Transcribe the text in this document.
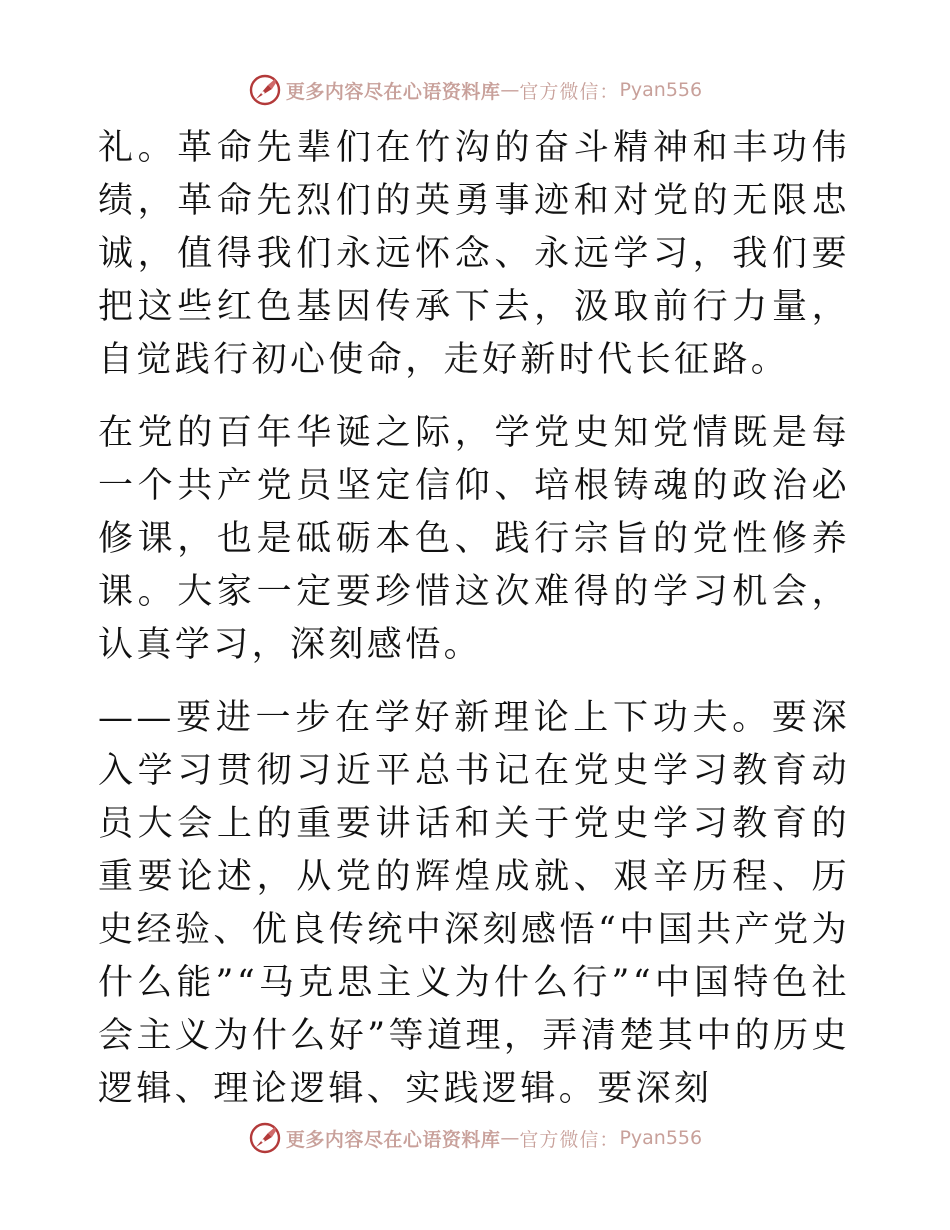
更多内容尽在心语资料库 — 官方微信： Pyan556

礼。革命先辈们在竹沟的奋斗精神和丰功伟绩，革命先烈们的英勇事迹和对党的无限忠诚，值得我们永远怀念、永远学习，我们要把这些红色基因传承下去，汲取前行力量，自觉践行初心使命，走好新时代长征路。

在党的百年华诞之际，学党史知党情既是每一个共产党员坚定信仰、培根铸魂的政治必修课，也是砥砺本色、践行宗旨的党性修养课。大家一定要珍惜这次难得的学习机会，认真学习，深刻感悟。

——要进一步在学好新理论上下功夫。要深入学习贯彻习近平总书记在党史学习教育动员大会上的重要讲话和关于党史学习教育的重要论述，从党的辉煌成就、艰辛历程、历史经验、优良传统中深刻感悟“中国共产党为什么能”“马克思主义为什么行”“中国特色社会主义为什么好”等道理，弄清楚其中的历史逻辑、理论逻辑、实践逻辑。要深刻

更多内容尽在心语资料库 — 官方微信： Pyan556
